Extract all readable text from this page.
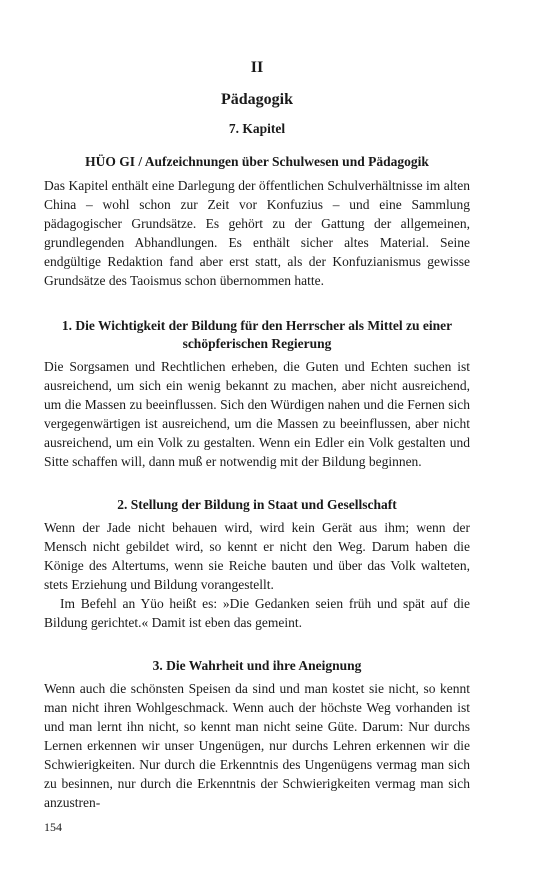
II
Pädagogik
7. Kapitel
HÜO GI / Aufzeichnungen über Schulwesen und Pädagogik

Das Kapitel enthält eine Darlegung der öffentlichen Schulverhältnisse im alten China – wohl schon zur Zeit vor Konfuzius – und eine Sammlung pädagogischer Grundsätze. Es gehört zu der Gattung der allgemeinen, grundlegenden Abhandlungen. Es enthält sicher altes Material. Seine endgültige Redaktion fand aber erst statt, als der Konfuzianismus gewisse Grundsätze des Taoismus schon übernommen hatte.

1. Die Wichtigkeit der Bildung für den Herrscher als Mittel zu einer schöpferischen Regierung

Die Sorgsamen und Rechtlichen erheben, die Guten und Echten suchen ist ausreichend, um sich ein wenig bekannt zu machen, aber nicht ausreichend, um die Massen zu beeinflussen. Sich den Würdigen nahen und die Fernen sich vergegenwärtigen ist ausreichend, um die Massen zu beeinflussen, aber nicht ausreichend, um ein Volk zu gestalten. Wenn ein Edler ein Volk gestalten und Sitte schaffen will, dann muß er notwendig mit der Bildung beginnen.

2. Stellung der Bildung in Staat und Gesellschaft

Wenn der Jade nicht behauen wird, wird kein Gerät aus ihm; wenn der Mensch nicht gebildet wird, so kennt er nicht den Weg. Darum haben die Könige des Altertums, wenn sie Reiche bauten und über das Volk walteten, stets Erziehung und Bildung vorangestellt.

Im Befehl an Yüo heißt es: »Die Gedanken seien früh und spät auf die Bildung gerichtet.« Damit ist eben das gemeint.

3. Die Wahrheit und ihre Aneignung

Wenn auch die schönsten Speisen da sind und man kostet sie nicht, so kennt man nicht ihren Wohlgeschmack. Wenn auch der höchste Weg vorhanden ist und man lernt ihn nicht, so kennt man nicht seine Güte. Darum: Nur durchs Lernen erkennen wir unser Ungenügen, nur durchs Lehren erkennen wir die Schwierigkeiten. Nur durch die Erkenntnis des Ungenügens vermag man sich zu besinnen, nur durch die Erkenntnis der Schwierigkeiten vermag man sich anzustren-

154
